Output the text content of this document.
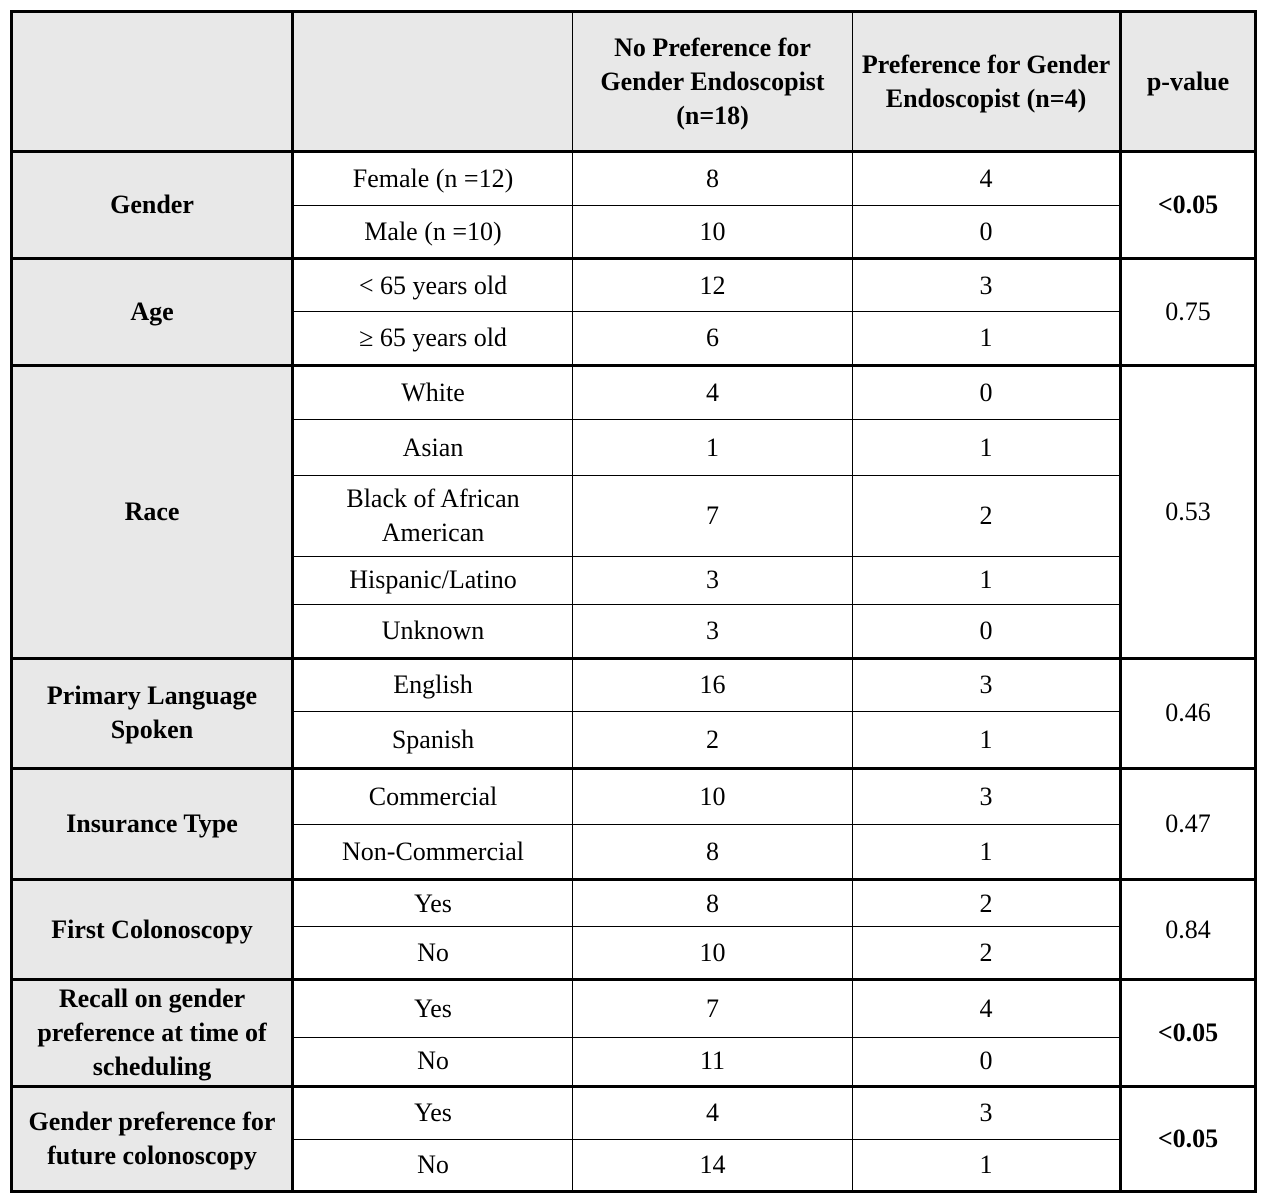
		No Preference for Gender Endoscopist (n=18)	Preference for Gender Endoscopist (n=4)	p-value
Gender	Female (n =12)	8	4	<0.05
	Male (n =10)	10	0	
Age	< 65 years old	12	3	0.75
	≥ 65 years old	6	1	
Race	White	4	0	0.53
	Asian	1	1	
	Black of African American	7	2	
	Hispanic/Latino	3	1	
	Unknown	3	0	
Primary Language Spoken	English	16	3	0.46
	Spanish	2	1	
Insurance Type	Commercial	10	3	0.47
	Non-Commercial	8	1	
First Colonoscopy	Yes	8	2	0.84
	No	10	2	
Recall on gender preference at time of scheduling	Yes	7	4	<0.05
	No	11	0	
Gender preference for future colonoscopy	Yes	4	3	<0.05
	No	14	1	
